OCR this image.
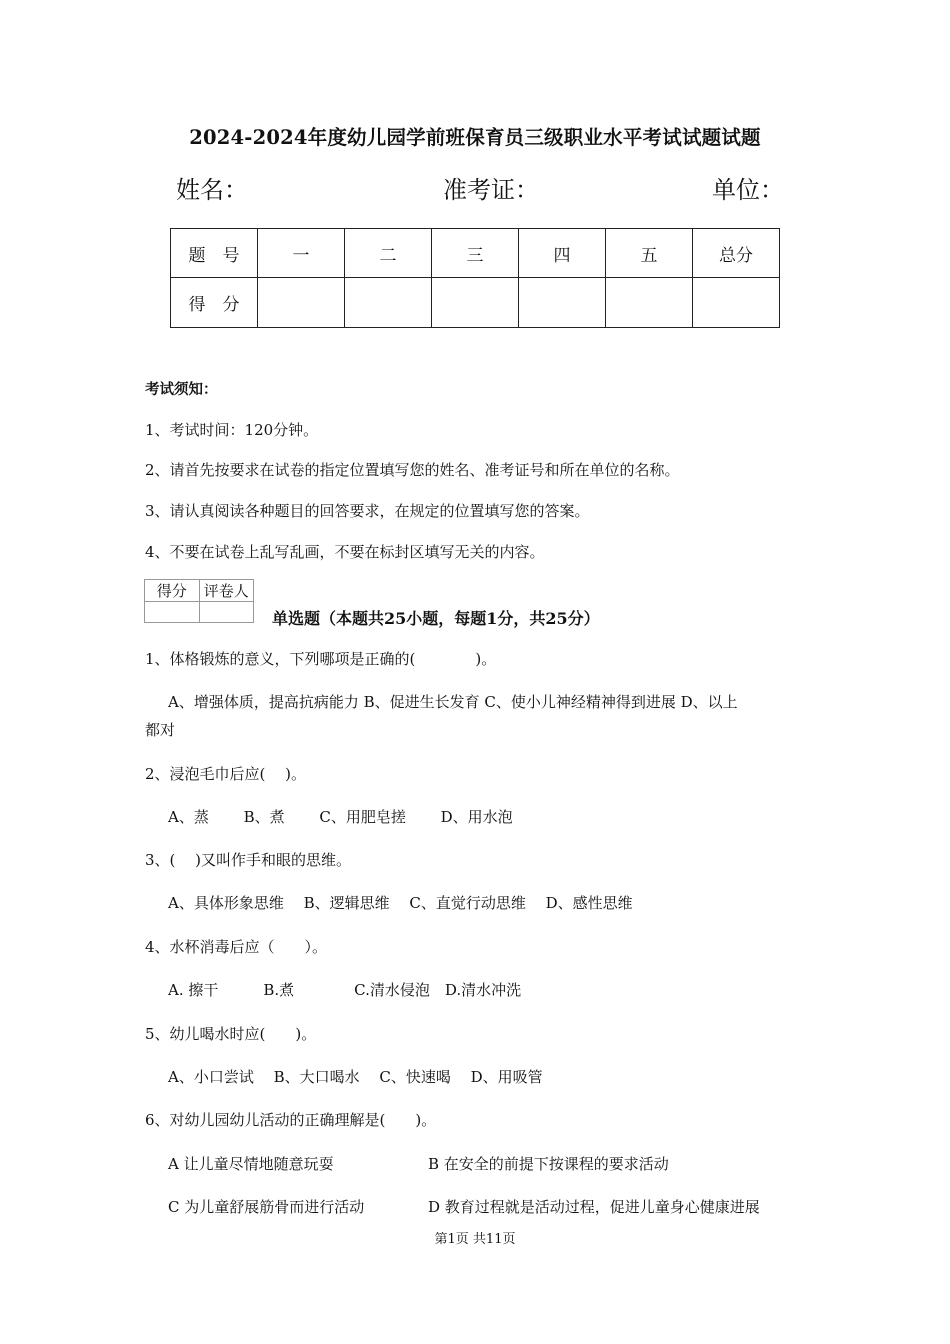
2024-2024年度幼儿园学前班保育员三级职业水平考试试题试题
姓名：	准考证：	单位：
题　号	一	二	三	四	五	总分
得　分						
考试须知：
1、考试时间：120分钟。
2、请首先按要求在试卷的指定位置填写您的姓名、准考证号和所在单位的名称。
3、请认真阅读各种题目的回答要求，在规定的位置填写您的答案。
4、不要在试卷上乱写乱画，不要在标封区填写无关的内容。
得分	评卷人

单选题（本题共25小题，每题1分，共25分）
1、体格锻炼的意义，下列哪项是正确的(　　　　)。
A、增强体质，提高抗病能力 B、促进生长发育 C、使小儿神经精神得到进展 D、以上
都对
2、浸泡毛巾后应(　 )。
A、蒸　　 B、煮　　 C、用肥皂搓　　 D、用水泡
3、(　 )又叫作手和眼的思维。
A、具体形象思维　 B、逻辑思维　 C、直觉行动思维　 D、感性思维
4、水杯消毒后应（　　）。
A. 擦干　　　B.煮　　　　C.清水侵泡　D.清水冲洗
5、幼儿喝水时应(　　)。
A、小口尝试　 B、大口喝水　 C、快速喝　 D、用吸管
6、对幼儿园幼儿活动的正确理解是(　　)。
A 让儿童尽情地随意玩耍	B 在安全的前提下按课程的要求活动
C 为儿童舒展筋骨而进行活动	D 教育过程就是活动过程，促进儿童身心健康进展
第1页 共11页
